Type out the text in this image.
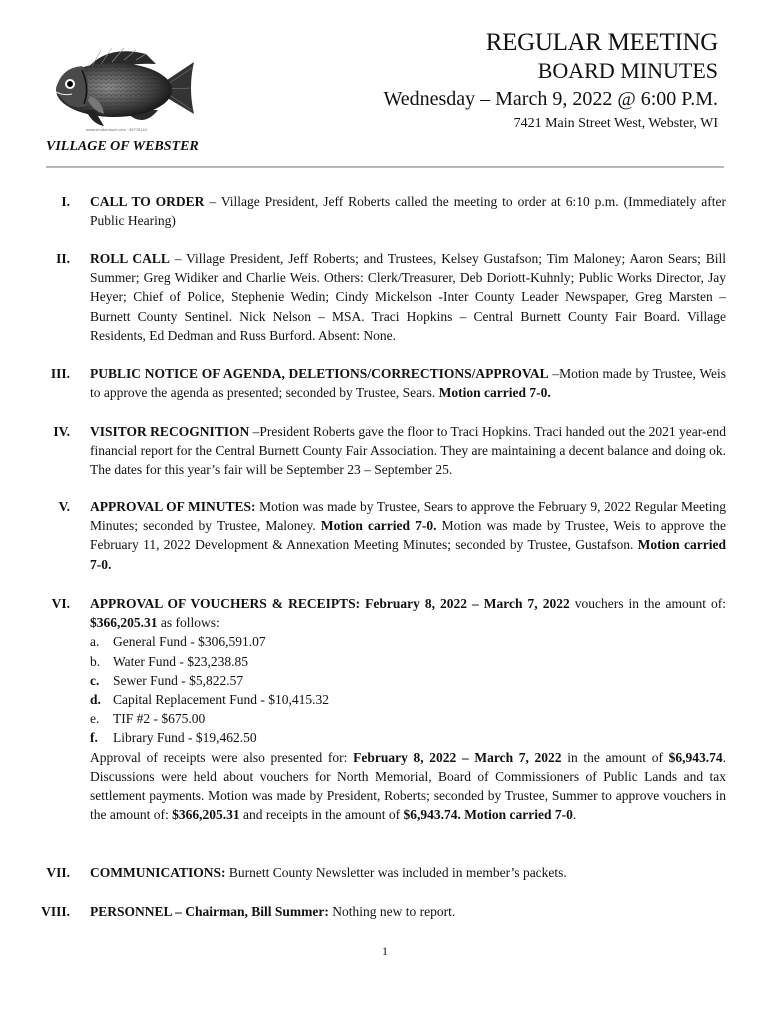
www.shutterstock.com · 85778144
VILLAGE OF WEBSTER
REGULAR MEETING
BOARD MINUTES
Wednesday – March 9, 2022 @ 6:00 P.M.
7421 Main Street West, Webster, WI
I. CALL TO ORDER – Village President, Jeff Roberts called the meeting to order at 6:10 p.m. (Immediately after Public Hearing)

II. ROLL CALL – Village President, Jeff Roberts; and Trustees, Kelsey Gustafson; Tim Maloney; Aaron Sears; Bill Summer; Greg Widiker and Charlie Weis. Others: Clerk/Treasurer, Deb Doriott-Kuhnly; Public Works Director, Jay Heyer; Chief of Police, Stephenie Wedin; Cindy Mickelson -Inter County Leader Newspaper, Greg Marsten – Burnett County Sentinel. Nick Nelson – MSA. Traci Hopkins – Central Burnett County Fair Board. Village Residents, Ed Dedman and Russ Burford. Absent: None.

III. PUBLIC NOTICE OF AGENDA, DELETIONS/CORRECTIONS/APPROVAL –Motion made by Trustee, Weis to approve the agenda as presented; seconded by Trustee, Sears. Motion carried 7-0.

IV. VISITOR RECOGNITION –President Roberts gave the floor to Traci Hopkins. Traci handed out the 2021 year-end financial report for the Central Burnett County Fair Association. They are maintaining a decent balance and doing ok. The dates for this year’s fair will be September 23 – September 25.

V. APPROVAL OF MINUTES: Motion was made by Trustee, Sears to approve the February 9, 2022 Regular Meeting Minutes; seconded by Trustee, Maloney. Motion carried 7-0. Motion was made by Trustee, Weis to approve the February 11, 2022 Development & Annexation Meeting Minutes; seconded by Trustee, Gustafson. Motion carried 7-0.

VI. APPROVAL OF VOUCHERS & RECEIPTS: February 8, 2022 – March 7, 2022 vouchers in the amount of: $366,205.31 as follows:

a.	General Fund - $306,591.07
b. Water Fund - $23,238.85
c.	Sewer Fund - $5,822.57
d. Capital Replacement Fund - $10,415.32
e.	TIF #2 - $675.00
f.	Library Fund - $19,462.50

Approval of receipts were also presented for: February 8, 2022 – March 7, 2022 in the amount of $6,943.74. Discussions were held about vouchers for North Memorial, Board of Commissioners of Public Lands and tax settlement payments. Motion was made by President, Roberts; seconded by Trustee, Summer to approve vouchers in the amount of: $366,205.31 and receipts in the amount of $6,943.74. Motion carried 7-0.

VII. COMMUNICATIONS: Burnett County Newsletter was included in member’s packets.

VIII. PERSONNEL – Chairman, Bill Summer: Nothing new to report.

1
